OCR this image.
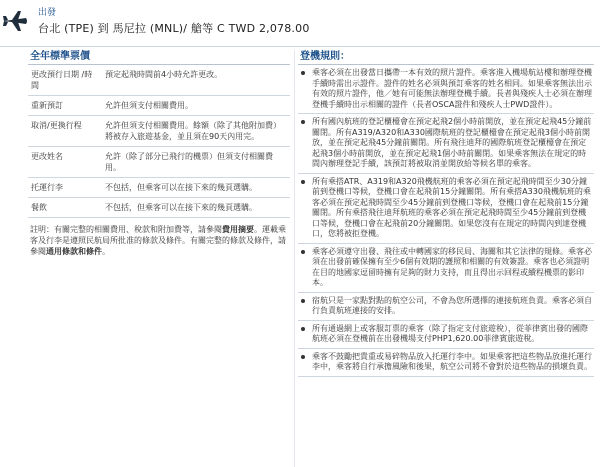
出發
台北 (TPE) 到 馬尼拉 (MNL)/ 艙等 C TWD 2,078.00
全年標準票價
更改預行日期 /時間	預定起飛時間前4小時允許更改。
重新預訂	允許但須支付相關費用。
取消/更換行程	允許但須支付相關費用。餘額（除了其他附加費）將被存入旅遊基金，並且須在90天內用完。
更改姓名	允許（除了部分已飛行的機票）但須支付相關費用。
托運行李	不包括，但乘客可以在接下來的幾頁選購。
餐飲	不包括，但乘客可以在接下來的幾頁選購。
註明：有關完整的相關費用、稅款和附加費等，請參閱費用摘要。運載乘客及行李是遵照民航局所批准的條款及條件。有關完整的條款及條件，請參閱通用條款和條件。
登機規則：
乘客必須在出發當日攜帶一本有效的照片證件。乘客進入機場航站樓和辦理登機手續時需出示證件。證件的姓名必須與預訂乘客的姓名相同。如果乘客無法出示有效的照片證件，他／她有可能無法辦理登機手續。長者與殘疾人士必須在辦理登機手續時出示相關的證件（長者OSCA證件和殘疾人士PWD證件）。
所有國內航班的登記櫃檯會在預定起飛2個小時前開放，並在預定起飛45分鐘前關閉。所有A319/A320和A330國際航班的登記櫃檯會在預定起飛3個小時前開放，並在預定起飛45分鐘前關閉。所有飛往迪拜的國際航班登記櫃檯會在預定起飛3個小時前開放，並在預定起飛1個小時前關閉。如果乘客無法在規定的時間內辦理登記手續，該預訂將被取消並開放給等候名單的乘客。
所有乘搭ATR、A319和A320飛機航班的乘客必須在預定起飛時間至少30分鐘前到登機口等候，登機口會在起飛前15分鐘關閉。所有乘搭A330飛機航班的乘客必須在預定起飛時間至少45分鐘前到登機口等候，登機口會在起飛前15分鐘關閉。所有乘搭飛往迪拜航班的乘客必須在預定起飛時間至少45分鐘前到登機口等候，登機口會在起飛前20分鐘關閉。如果您沒有在規定的時間內到達登機口，您將被拒登機。
乘客必須遵守出發、飛往或中轉國家的移民局、海關和其它法律的規條。乘客必須在出發前確保擁有至少6個有效期的護照和相關的有效簽證。乘客也必須證明在目的地國家逗留時擁有足夠的財力支持，而且得出示回程或續程機票的影印本。
宿航只是一家點對點的航空公司，不會為您所選擇的連接航班負責。乘客必須自行負責航班連接的安排。
所有通過網上或客服訂票的乘客（除了指定支付旅遊稅），從菲律賓出發的國際航班必須在登機前在出發機場支付PHP1,620.00菲律賓旅遊稅。
乘客不鼓勵把貴重或易碎物品放入托運行李中。如果乘客把這些物品放進托運行李中，乘客將自行承擔風險和後果，航空公司將不會對於這些物品的損壞負責。
